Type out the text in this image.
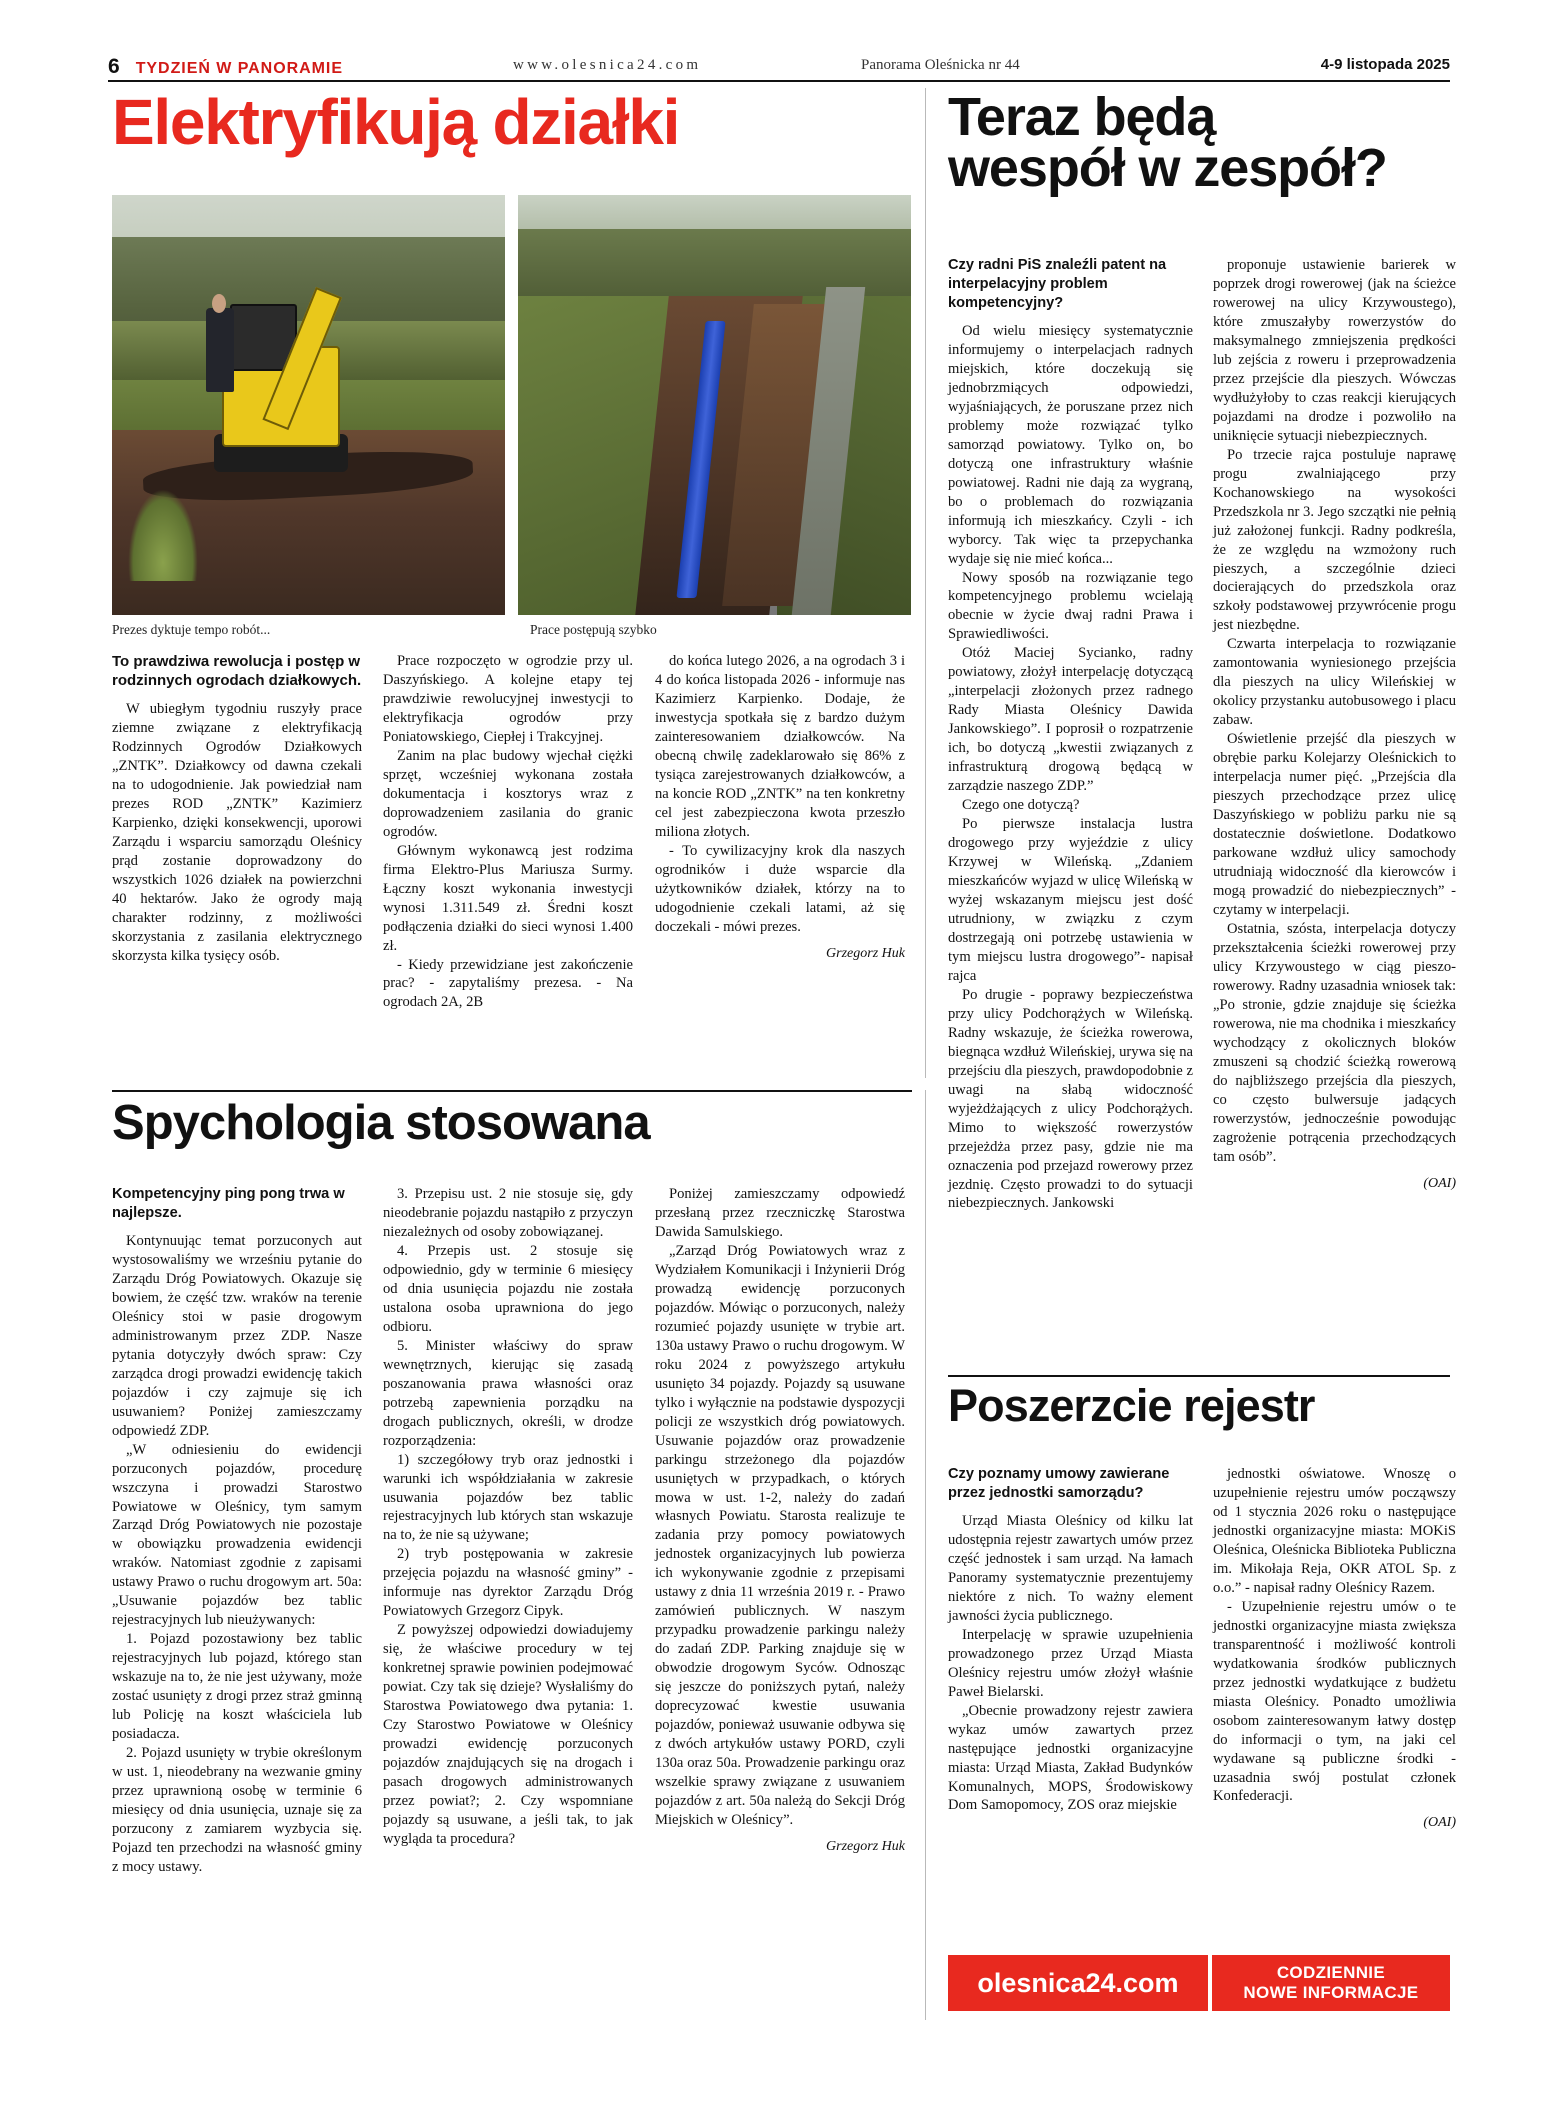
6 TYDZIEŃ W PANORAMIE	www.olesnica24.com	Panorama Oleśnicka nr 44	4-9 listopada 2025
Elektryfikują działki
Prezes dyktuje tempo robót...	Prace postępują szybko

To prawdziwa rewolucja i postęp w rodzinnych ogrodach działkowych.

W ubiegłym tygodniu ruszyły prace ziemne związane z elektryfikacją Rodzinnych Ogrodów Działkowych „ZNTK”. Działkowcy od dawna czekali na to udogodnienie. Jak powiedział nam prezes ROD „ZNTK” Kazimierz Karpienko, dzięki konsekwencji, uporowi Zarządu i wsparciu samorządu Oleśnicy prąd zostanie doprowadzony do wszystkich 1026 działek na powierzchni 40 hektarów. Jako że ogrody mają charakter rodzinny, z możliwości skorzystania z zasilania elektrycznego skorzysta kilka tysięcy osób.

Prace rozpoczęto w ogrodzie przy ul. Daszyńskiego. A kolejne etapy tej prawdziwie rewolucyjnej inwestycji to elektryfikacja ogrodów przy Poniatowskiego, Ciepłej i Trakcyjnej.

Zanim na plac budowy wjechał ciężki sprzęt, wcześniej wykonana została dokumentacja i kosztorys wraz z doprowadzeniem zasilania do granic ogrodów.

Głównym wykonawcą jest rodzima firma Elektro-Plus Mariusza Surmy. Łączny koszt wykonania inwestycji wynosi 1.311.549 zł. Średni koszt podłączenia działki do sieci wynosi 1.400 zł.

- Kiedy przewidziane jest zakończenie prac? - zapytaliśmy prezesa. - Na ogrodach 2A, 2B

do końca lutego 2026, a na ogrodach 3 i 4 do końca listopada 2026 - informuje nas Kazimierz Karpienko. Dodaje, że inwestycja spotkała się z bardzo dużym zainteresowaniem działkowców. Na obecną chwilę zadeklarowało się 86% z tysiąca zarejestrowanych działkowców, a na koncie ROD „ZNTK” na ten konkretny cel jest zabezpieczona kwota przeszło miliona złotych.

- To cywilizacyjny krok dla naszych ogrodników i duże wsparcie dla użytkowników działek, którzy na to udogodnienie czekali latami, aż się doczekali - mówi prezes.

Grzegorz Huk

Teraz będą
wespół w zespół?

Czy radni PiS znaleźli patent na interpelacyjny problem kompetencyjny?

Od wielu miesięcy systematycznie informujemy o interpelacjach radnych miejskich, które doczekują się jednobrzmiących odpowiedzi, wyjaśniających, że poruszane przez nich problemy może rozwiązać tylko samorząd powiatowy. Tylko on, bo dotyczą one infrastruktury właśnie powiatowej. Radni nie dają za wygraną, bo o problemach do rozwiązania informują ich mieszkańcy. Czyli - ich wyborcy. Tak więc ta przepychanka wydaje się nie mieć końca...

Nowy sposób na rozwiązanie tego kompetencyjnego problemu wcielają obecnie w życie dwaj radni Prawa i Sprawiedliwości.

Otóż Maciej Sycianko, radny powiatowy, złożył interpelację dotyczącą „interpelacji złożonych przez radnego Rady Miasta Oleśnicy Dawida Jankowskiego”. I poprosił o rozpatrzenie ich, bo dotyczą „kwestii związanych z infrastrukturą drogową będącą w zarządzie naszego ZDP.”

Czego one dotyczą?

Po pierwsze instalacja lustra drogowego przy wyjeździe z ulicy Krzywej w Wileńską. „Zdaniem mieszkańców wyjazd w ulicę Wileńską w wyżej wskazanym miejscu jest dość utrudniony, w związku z czym dostrzegają oni potrzebę ustawienia w tym miejscu lustra drogowego”- napisał rajca

Po drugie - poprawy bezpieczeństwa przy ulicy Podchorążych w Wileńską. Radny wskazuje, że ścieżka rowerowa, biegnąca wzdłuż Wileńskiej, urywa się na przejściu dla pieszych, prawdopodobnie z uwagi na słabą widoczność wyjeżdżających z ulicy Podchorążych. Mimo to większość rowerzystów przejeżdża przez pasy, gdzie nie ma oznaczenia pod przejazd rowerowy przez jezdnię. Często prowadzi to do sytuacji niebezpiecznych. Jankowski

proponuje ustawienie barierek w poprzek drogi rowerowej (jak na ścieżce rowerowej na ulicy Krzywoustego), które zmuszałyby rowerzystów do maksymalnego zmniejszenia prędkości lub zejścia z roweru i przeprowadzenia przez przejście dla pieszych. Wówczas wydłużyłoby to czas reakcji kierujących pojazdami na drodze i pozwoliło na uniknięcie sytuacji niebezpiecznych.

Po trzecie rajca postuluje naprawę progu zwalniającego przy Kochanowskiego na wysokości Przedszkola nr 3. Jego szczątki nie pełnią już założonej funkcji. Radny podkreśla, że ze względu na wzmożony ruch pieszych, a szczególnie dzieci docierających do przedszkola oraz szkoły podstawowej przywrócenie progu jest niezbędne.

Czwarta interpelacja to rozwiązanie zamontowania wyniesionego przejścia dla pieszych na ulicy Wileńskiej w okolicy przystanku autobusowego i placu zabaw.

Oświetlenie przejść dla pieszych w obrębie parku Kolejarzy Oleśnickich to interpelacja numer pięć. „Przejścia dla pieszych przechodzące przez ulicę Daszyńskiego w pobliżu parku nie są dostatecznie doświetlone. Dodatkowo parkowane wzdłuż ulicy samochody utrudniają widoczność dla kierowców i mogą prowadzić do niebezpiecznych” - czytamy w interpelacji.

Ostatnia, szósta, interpelacja dotyczy przekształcenia ścieżki rowerowej przy ulicy Krzywoustego w ciąg pieszo-rowerowy. Radny uzasadnia wniosek tak: „Po stronie, gdzie znajduje się ścieżka rowerowa, nie ma chodnika i mieszkańcy wychodzący z okolicznych bloków zmuszeni są chodzić ścieżką rowerową do najbliższego przejścia dla pieszych, co często bulwersuje jadących rowerzystów, jednocześnie powodując zagrożenie potrącenia przechodzących tam osób”.

(OAI)

Spychologia stosowana

Kompetencyjny ping pong trwa w najlepsze.

Kontynuując temat porzuconych aut wystosowaliśmy we wrześniu pytanie do Zarządu Dróg Powiatowych. Okazuje się bowiem, że część tzw. wraków na terenie Oleśnicy stoi w pasie drogowym administrowanym przez ZDP. Nasze pytania dotyczyły dwóch spraw: Czy zarządca drogi prowadzi ewidencję takich pojazdów i czy zajmuje się ich usuwaniem? Poniżej zamieszczamy odpowiedź ZDP.

„W odniesieniu do ewidencji porzuconych pojazdów, procedurę wszczyna i prowadzi Starostwo Powiatowe w Oleśnicy, tym samym Zarząd Dróg Powiatowych nie pozostaje w obowiązku prowadzenia ewidencji wraków. Natomiast zgodnie z zapisami ustawy Prawo o ruchu drogowym art. 50a: „Usuwanie pojazdów bez tablic rejestracyjnych lub nieużywanych:

1. Pojazd pozostawiony bez tablic rejestracyjnych lub pojazd, którego stan wskazuje na to, że nie jest używany, może zostać usunięty z drogi przez straż gminną lub Policję na koszt właściciela lub posiadacza.

2. Pojazd usunięty w trybie określonym w ust. 1, nieodebrany na wezwanie gminy przez uprawnioną osobę w terminie 6 miesięcy od dnia usunięcia, uznaje się za porzucony z zamiarem wyzbycia się. Pojazd ten przechodzi na własność gminy z mocy ustawy.

3. Przepisu ust. 2 nie stosuje się, gdy nieodebranie pojazdu nastąpiło z przyczyn niezależnych od osoby zobowiązanej.

4. Przepis ust. 2 stosuje się odpowiednio, gdy w terminie 6 miesięcy od dnia usunięcia pojazdu nie została ustalona osoba uprawniona do jego odbioru.

5. Minister właściwy do spraw wewnętrznych, kierując się zasadą poszanowania prawa własności oraz potrzebą zapewnienia porządku na drogach publicznych, określi, w drodze rozporządzenia:

1) szczegółowy tryb oraz jednostki i warunki ich współdziałania w zakresie usuwania pojazdów bez tablic rejestracyjnych lub których stan wskazuje na to, że nie są używane;

2) tryb postępowania w zakresie przejęcia pojazdu na własność gminy” - informuje nas dyrektor Zarządu Dróg Powiatowych Grzegorz Cipyk.

Z powyższej odpowiedzi dowiadujemy się, że właściwe procedury w tej konkretnej sprawie powinien podejmować powiat. Czy tak się dzieje? Wysłaliśmy do Starostwa Powiatowego dwa pytania: 1. Czy Starostwo Powiatowe w Oleśnicy prowadzi ewidencję porzuconych pojazdów znajdujących się na drogach i pasach drogowych administrowanych przez powiat?; 2. Czy wspomniane pojazdy są usuwane, a jeśli tak, to jak wygląda ta procedura?

Poniżej zamieszczamy odpowiedź przesłaną przez rzeczniczkę Starostwa Dawida Samulskiego.

„Zarząd Dróg Powiatowych wraz z Wydziałem Komunikacji i Inżynierii Dróg prowadzą ewidencję porzuconych pojazdów. Mówiąc o porzuconych, należy rozumieć pojazdy usunięte w trybie art. 130a ustawy Prawo o ruchu drogowym. W roku 2024 z powyższego artykułu usunięto 34 pojazdy. Pojazdy są usuwane tylko i wyłącznie na podstawie dyspozycji policji ze wszystkich dróg powiatowych. Usuwanie pojazdów oraz prowadzenie parkingu strzeżonego dla pojazdów usuniętych w przypadkach, o których mowa w ust. 1-2, należy do zadań własnych Powiatu. Starosta realizuje te zadania przy pomocy powiatowych jednostek organizacyjnych lub powierza ich wykonywanie zgodnie z przepisami ustawy z dnia 11 września 2019 r. - Prawo zamówień publicznych. W naszym przypadku prowadzenie parkingu należy do zadań ZDP. Parking znajduje się w obwodzie drogowym Syców. Odnosząc się jeszcze do poniższych pytań, należy doprecyzować kwestie usuwania pojazdów, ponieważ usuwanie odbywa się z dwóch artykułów ustawy PORD, czyli 130a oraz 50a. Prowadzenie parkingu oraz wszelkie sprawy związane z usuwaniem pojazdów z art. 50a należą do Sekcji Dróg Miejskich w Oleśnicy”.

Grzegorz Huk

Poszerzcie rejestr

Czy poznamy umowy zawierane przez jednostki samorządu?

Urząd Miasta Oleśnicy od kilku lat udostępnia rejestr zawartych umów przez część jednostek i sam urząd. Na łamach Panoramy systematycznie prezentujemy niektóre z nich. To ważny element jawności życia publicznego.

Interpelację w sprawie uzupełnienia prowadzonego przez Urząd Miasta Oleśnicy rejestru umów złożył właśnie Paweł Bielarski.

„Obecnie prowadzony rejestr zawiera wykaz umów zawartych przez następujące jednostki organizacyjne miasta: Urząd Miasta, Zakład Budynków Komunalnych, MOPS, Środowiskowy Dom Samopomocy, ZOS oraz miejskie

jednostki oświatowe. Wnoszę o uzupełnienie rejestru umów począwszy od 1 stycznia 2026 roku o następujące jednostki organizacyjne miasta: MOKiS Oleśnica, Oleśnicka Biblioteka Publiczna im. Mikołaja Reja, OKR ATOL Sp. z o.o.” - napisał radny Oleśnicy Razem.

- Uzupełnienie rejestru umów o te jednostki organizacyjne miasta zwiększa transparentność i możliwość kontroli wydatkowania środków publicznych przez jednostki wydatkujące z budżetu miasta Oleśnicy. Ponadto umożliwia osobom zainteresowanym łatwy dostęp do informacji o tym, na jaki cel wydawane są publiczne środki - uzasadnia swój postulat członek Konfederacji.

(OAI)

olesnica24.com	CODZIENNIE
NOWE INFORMACJE
